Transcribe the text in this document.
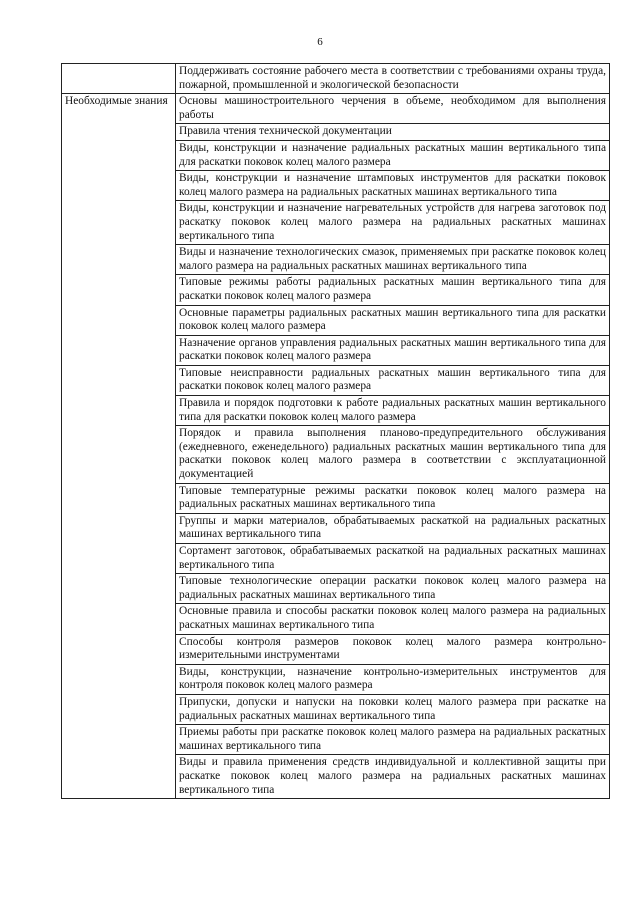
6
	Поддерживать состояние рабочего места в соответствии с требованиями охраны труда, пожарной, промышленной и экологической безопасности
Необходимые знания	Основы машиностроительного черчения в объеме, необходимом для выполнения работы
	Правила чтения технической документации
	Виды, конструкции и назначение радиальных раскатных машин вертикального типа для раскатки поковок колец малого размера
	Виды, конструкции и назначение штамповых инструментов для раскатки поковок колец малого размера на радиальных раскатных машинах вертикального типа
	Виды, конструкции и назначение нагревательных устройств для нагрева заготовок под раскатку поковок колец малого размера на радиальных раскатных машинах вертикального типа
	Виды и назначение технологических смазок, применяемых при раскатке поковок колец малого размера на радиальных раскатных машинах вертикального типа
	Типовые режимы работы радиальных раскатных машин вертикального типа для раскатки поковок колец малого размера
	Основные параметры радиальных раскатных машин вертикального типа для раскатки поковок колец малого размера
	Назначение органов управления радиальных раскатных машин вертикального типа для раскатки поковок колец малого размера
	Типовые неисправности радиальных раскатных машин вертикального типа для раскатки поковок колец малого размера
	Правила и порядок подготовки к работе радиальных раскатных машин вертикального типа для раскатки поковок колец малого размера
	Порядок и правила выполнения планово-предупредительного обслуживания (ежедневного, еженедельного) радиальных раскатных машин вертикального типа для раскатки поковок колец малого размера в соответствии с эксплуатационной документацией
	Типовые температурные режимы раскатки поковок колец малого размера на радиальных раскатных машинах вертикального типа
	Группы и марки материалов, обрабатываемых раскаткой на радиальных раскатных машинах вертикального типа
	Сортамент заготовок, обрабатываемых раскаткой на радиальных раскатных машинах вертикального типа
	Типовые технологические операции раскатки поковок колец малого размера на радиальных раскатных машинах вертикального типа
	Основные правила и способы раскатки поковок колец малого размера на радиальных раскатных машинах вертикального типа
	Способы контроля размеров поковок колец малого размера контрольно-измерительными инструментами
	Виды, конструкции, назначение контрольно-измерительных инструментов для контроля поковок колец малого размера
	Припуски, допуски и напуски на поковки колец малого размера при раскатке на радиальных раскатных машинах вертикального типа
	Приемы работы при раскатке поковок колец малого размера на радиальных раскатных машинах вертикального типа
	Виды и правила применения средств индивидуальной и коллективной защиты при раскатке поковок колец малого размера на радиальных раскатных машинах вертикального типа
